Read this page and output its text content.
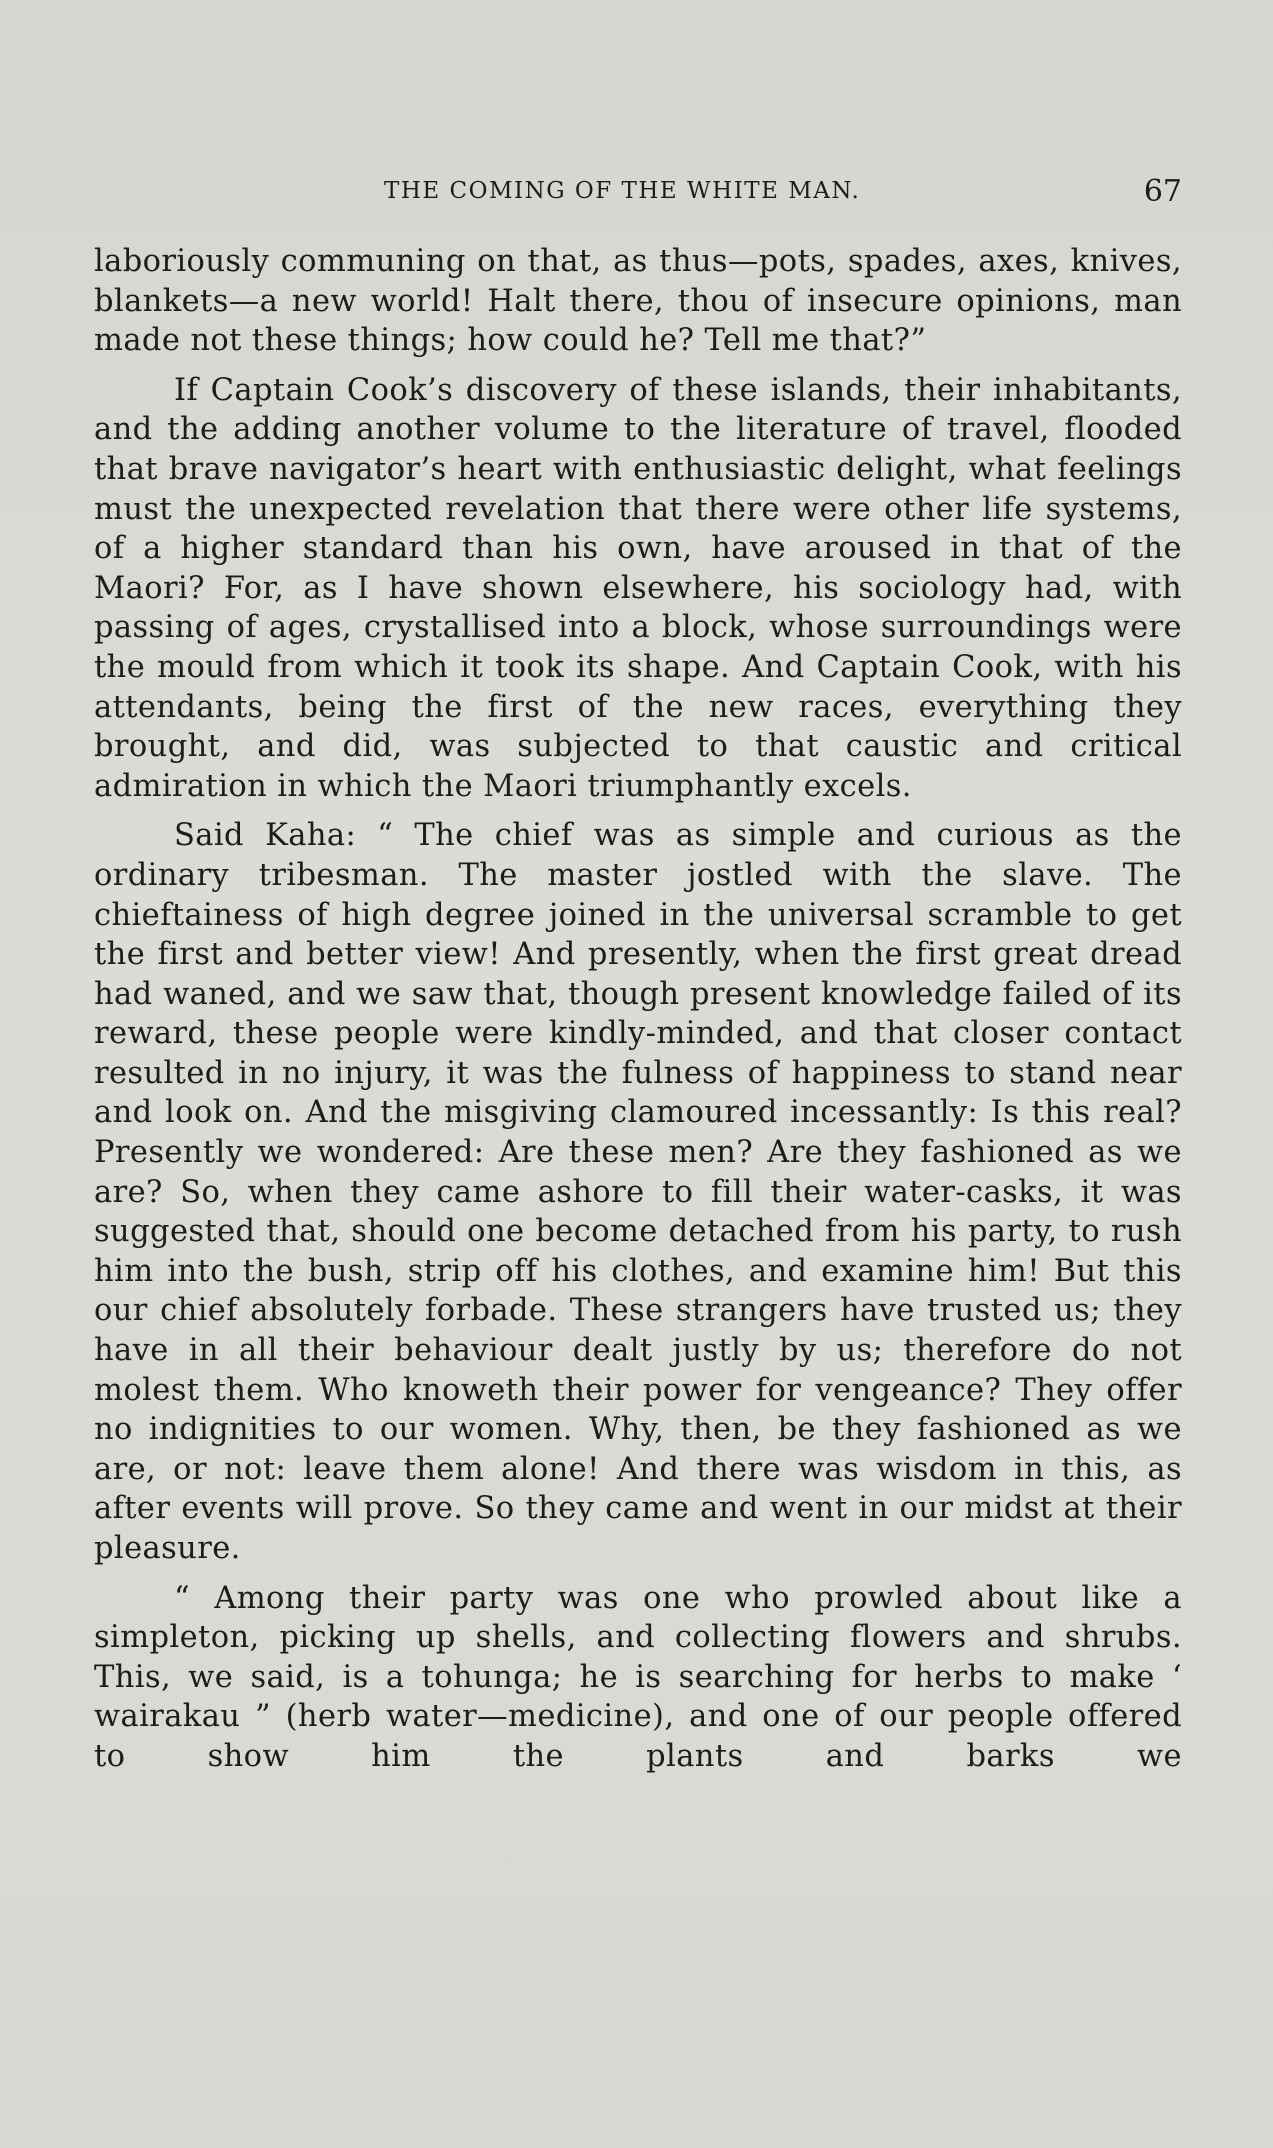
THE COMING OF THE WHITE MAN.	67

laboriously communing on that, as thus—pots, spades, axes, knives, blankets—a new world! Halt there, thou of insecure opinions, man made not these things; how could he? Tell me that?”

If Captain Cook’s discovery of these islands, their inhabitants, and the adding another volume to the literature of travel, flooded that brave navigator’s heart with enthusiastic delight, what feelings must the unexpected revelation that there were other life systems, of a higher standard than his own, have aroused in that of the Maori? For, as I have shown elsewhere, his sociology had, with passing of ages, crystallised into a block, whose surroundings were the mould from which it took its shape. And Captain Cook, with his attendants, being the first of the new races, everything they brought, and did, was subjected to that caustic and critical admiration in which the Maori triumphantly excels.

Said Kaha: “ The chief was as simple and curious as the ordinary tribesman. The master jostled with the slave. The chieftainess of high degree joined in the universal scramble to get the first and better view! And presently, when the first great dread had waned, and we saw that, though present knowledge failed of its reward, these people were kindly-minded, and that closer contact resulted in no injury, it was the fulness of happiness to stand near and look on. And the misgiving clamoured incessantly: Is this real? Presently we wondered: Are these men? Are they fashioned as we are? So, when they came ashore to fill their water-casks, it was suggested that, should one become detached from his party, to rush him into the bush, strip off his clothes, and examine him! But this our chief absolutely forbade. These strangers have trusted us; they have in all their behaviour dealt justly by us; therefore do not molest them. Who knoweth their power for vengeance? They offer no indignities to our women. Why, then, be they fashioned as we are, or not: leave them alone! And there was wisdom in this, as after events will prove. So they came and went in our midst at their pleasure.

“ Among their party was one who prowled about like a simpleton, picking up shells, and collecting flowers and shrubs. This, we said, is a tohunga; he is searching for herbs to make ‘ wairakau ” (herb water—medicine), and one of our people offered to show him the plants and barks we
